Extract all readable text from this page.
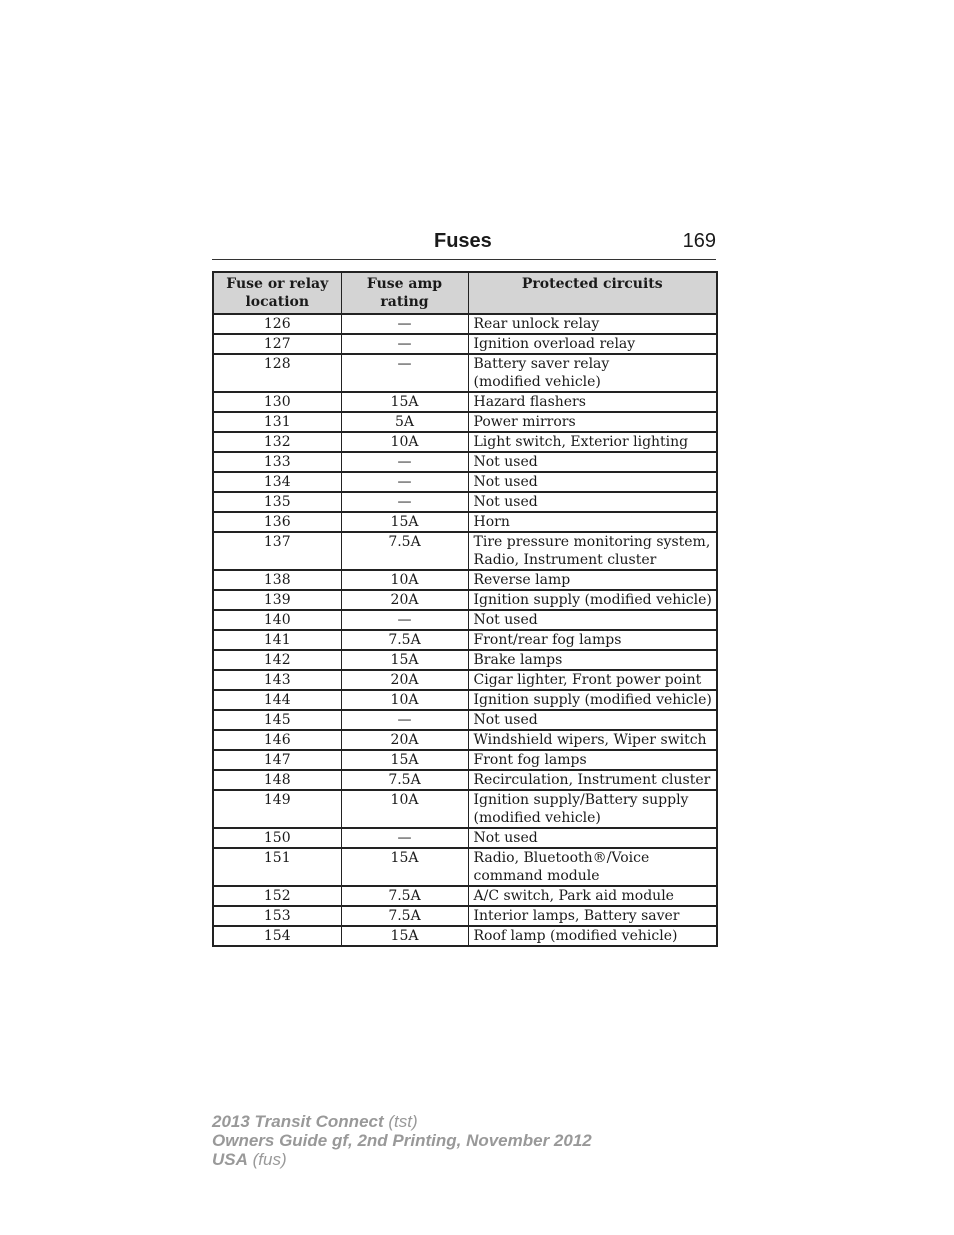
Fuses	169
Fuse or relay location	Fuse amp rating	Protected circuits
126	—	Rear unlock relay
127	—	Ignition overload relay
128	—	Battery saver relay
(modified vehicle)
130	15A	Hazard flashers
131	5A	Power mirrors
132	10A	Light switch, Exterior lighting
133	—	Not used
134	—	Not used
135	—	Not used
136	15A	Horn
137	7.5A	Tire pressure monitoring system,
Radio, Instrument cluster
138	10A	Reverse lamp
139	20A	Ignition supply (modified vehicle)
140	—	Not used
141	7.5A	Front/rear fog lamps
142	15A	Brake lamps
143	20A	Cigar lighter, Front power point
144	10A	Ignition supply (modified vehicle)
145	—	Not used
146	20A	Windshield wipers, Wiper switch
147	15A	Front fog lamps
148	7.5A	Recirculation, Instrument cluster
149	10A	Ignition supply/Battery supply
(modified vehicle)
150	—	Not used
151	15A	Radio, Bluetooth®/Voice
command module
152	7.5A	A/C switch, Park aid module
153	7.5A	Interior lamps, Battery saver
154	15A	Roof lamp (modified vehicle)
2013 Transit Connect (tst)
Owners Guide gf, 2nd Printing, November 2012
USA (fus)
